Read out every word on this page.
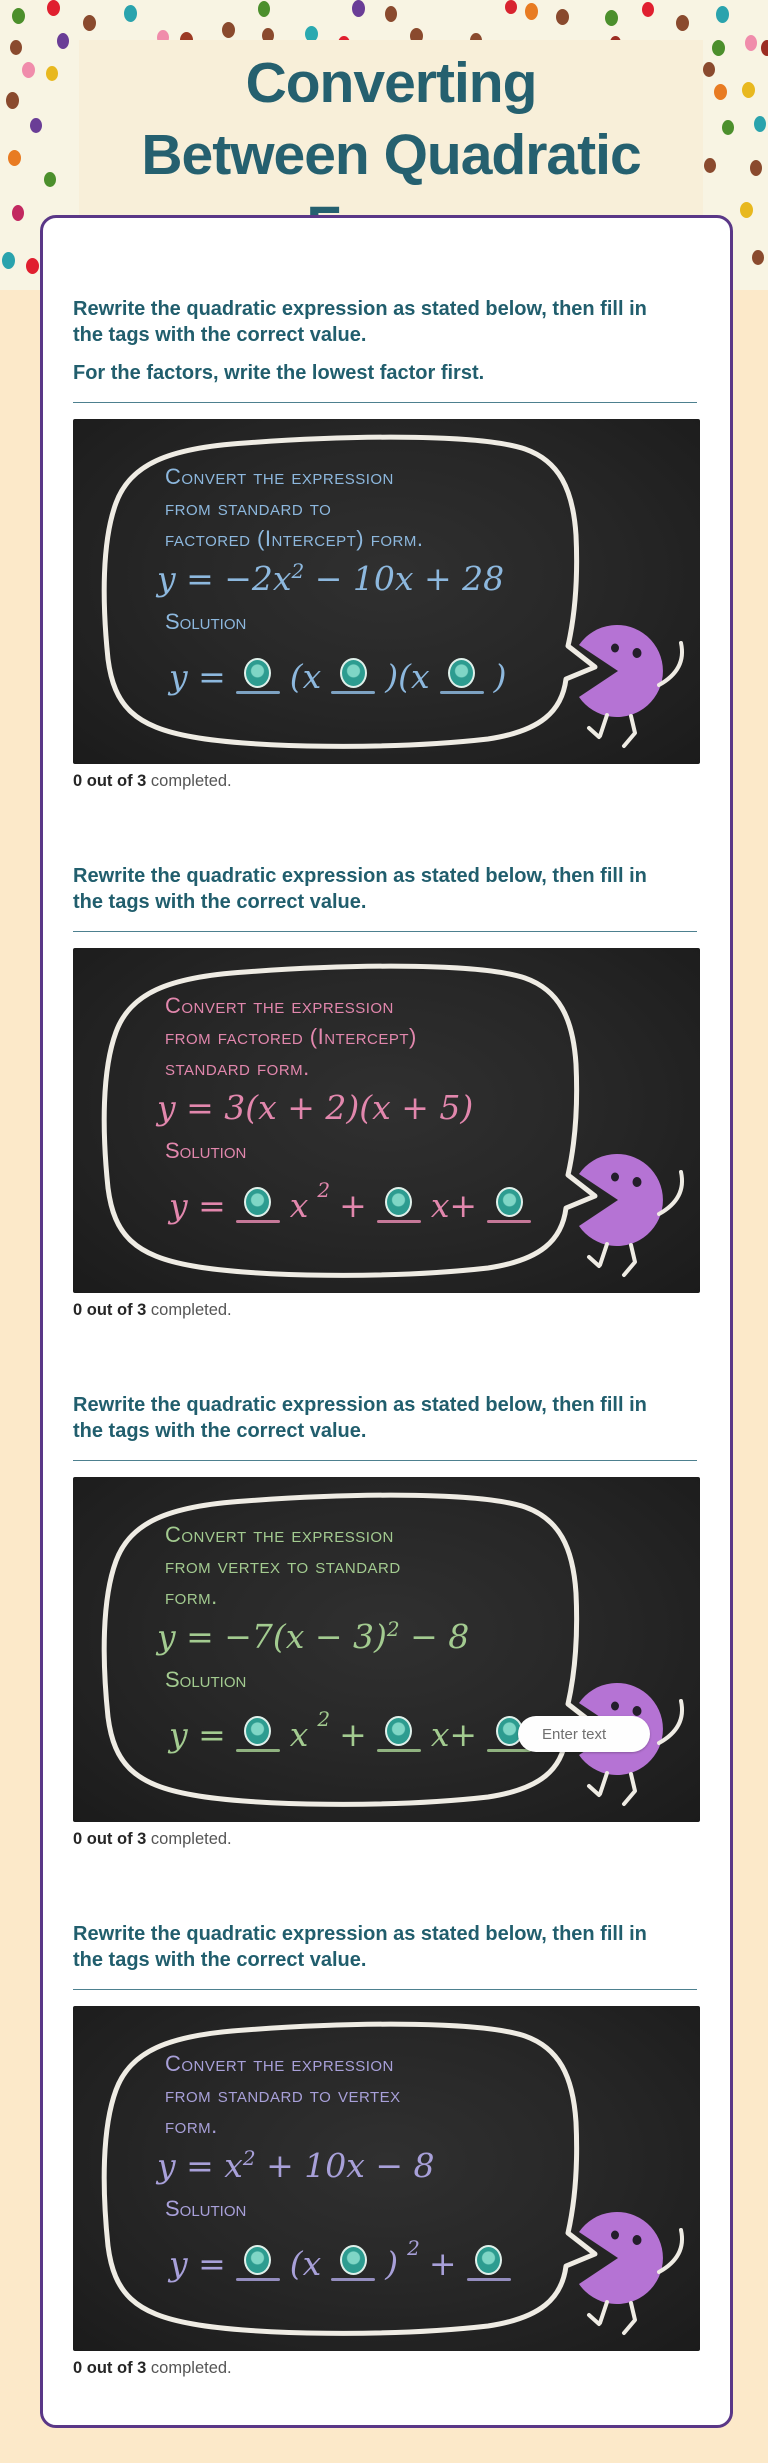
Converting
Between Quadratic

Rewrite the quadratic expression as stated below, then fill in the tags with the correct value.

For the factors, write the lowest factor first.

Convert the expression
from standard to
factored (Intercept) form.
$y = -2x^2 - 10x + 28$
Solution
y = (x )(x )

0 out of 3 completed.

Rewrite the quadratic expression as stated below, then fill in the tags with the correct value.

Convert the expression
from factored (Intercept)
standard form.
y = 3(x + 2)(x + 5)
Solution
y = x $^2$ + x+

0 out of 3 completed.

Rewrite the quadratic expression as stated below, then fill in the tags with the correct value.

Convert the expression
from vertex to standard
form.
$y = -7(x - 3)^2 - 8$
Solution
y = x $^2$ + x+
Enter text

0 out of 3 completed.

Rewrite the quadratic expression as stated below, then fill in the tags with the correct value.

Convert the expression
from standard to vertex
form.
$y = x^2 + 10x - 8$
Solution
y = (x ) $^2$ +

0 out of 3 completed.
